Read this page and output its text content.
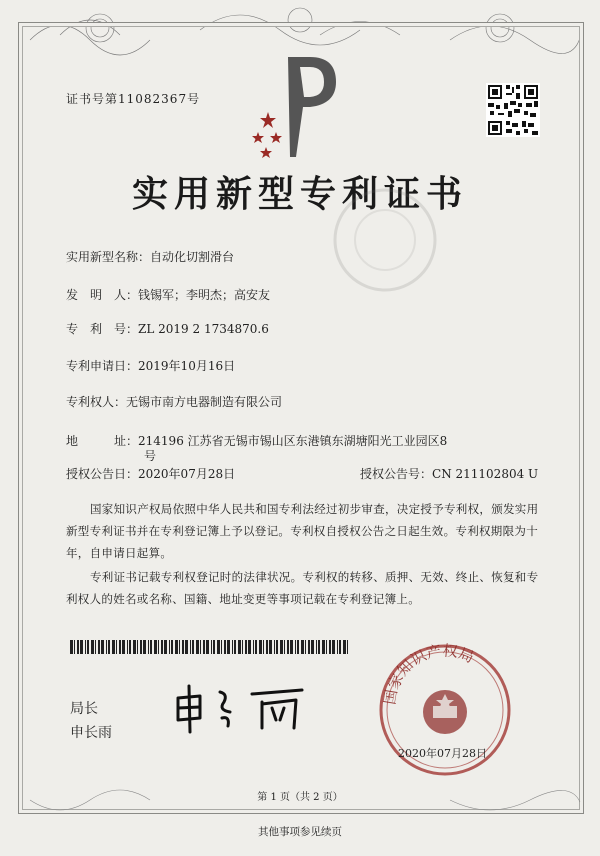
证书号第11082367号
实用新型专利证书
实用新型名称：自动化切割滑台
发　明　人：钱锡军；李明杰；高安友
专　利　号：ZL 2019 2 1734870.6
专利申请日：2019年10月16日
专利权人：无锡市南方电器制造有限公司
地　　　址：214196 江苏省无锡市锡山区东港镇东湖塘阳光工业园区8
号
授权公告日：2020年07月28日	授权公告号：CN 211102804 U
国家知识产权局依照中华人民共和国专利法经过初步审查，决定授予专利权，颁发实用新型专利证书并在专利登记簿上予以登记。专利权自授权公告之日起生效。专利权期限为十年，自申请日起算。
专利证书记载专利权登记时的法律状况。专利权的转移、质押、无效、终止、恢复和专利权人的姓名或名称、国籍、地址变更等事项记载在专利登记簿上。
局长
申长雨
国家知识产权局
2020年07月28日
第 1 页（共 2 页）
其他事项参见续页
